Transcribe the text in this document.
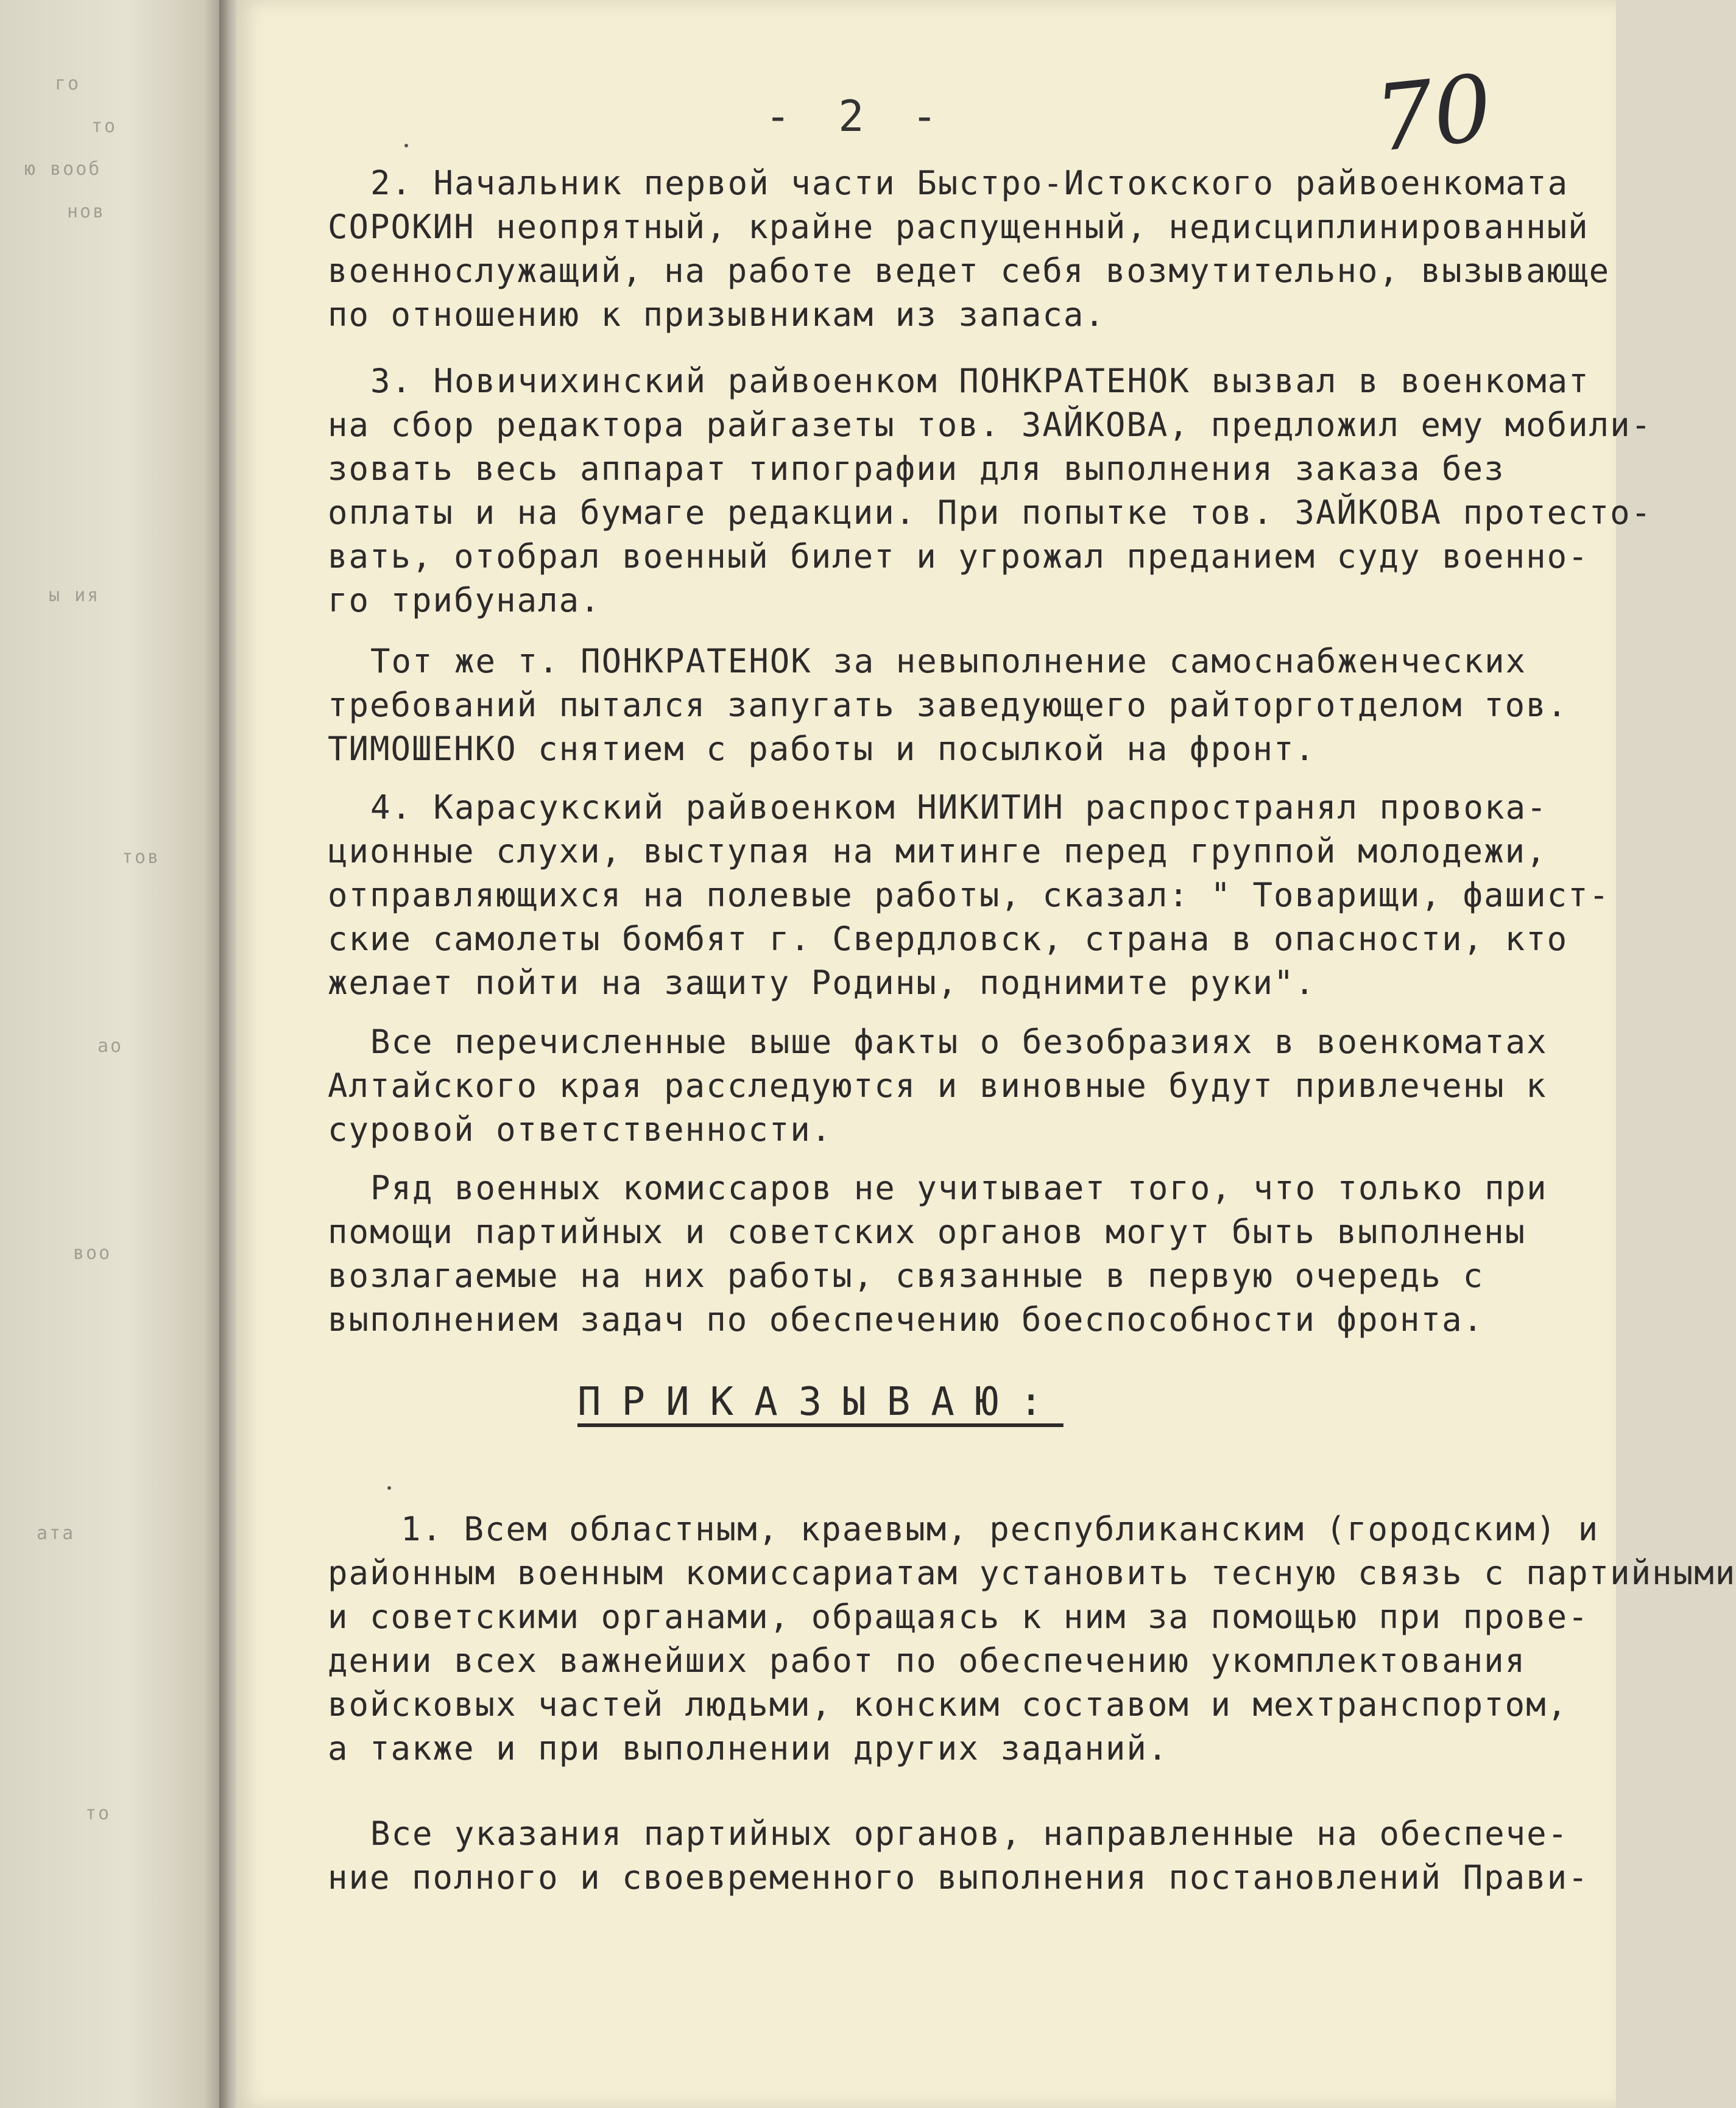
го
то
ю вооб
нов
ы ия
тов
ао
воо
ата
то
- 2 -	70
2. Начальник первой части Быстро-Истокского райвоенкомата
СОРОКИН неопрятный, крайне распущенный, недисциплинированный
военнослужащий, на работе ведет себя возмутительно, вызывающе
по отношению к призывникам из запаса.
3. Новичихинский райвоенком ПОНКРАТЕНОК вызвал в военкомат
на сбор редактора райгазеты тов. ЗАЙКОВА, предложил ему мобили-
зовать весь аппарат типографии для выполнения заказа без
оплаты и на бумаге редакции. При попытке тов. ЗАЙКОВА протесто-
вать, отобрал военный билет и угрожал преданием суду военно-
го трибунала.
Тот же т. ПОНКРАТЕНОК за невыполнение самоснабженческих
требований пытался запугать заведующего райторготделом тов.
ТИМОШЕНКО снятием с работы и посылкой на фронт.
4. Карасукский райвоенком НИКИТИН распространял провока-
ционные слухи, выступая на митинге перед группой молодежи,
отправляющихся на полевые работы, сказал: " Товарищи, фашист-
ские самолеты бомбят г. Свердловск, страна в опасности, кто
желает пойти на защиту Родины, поднимите руки".
Все перечисленные выше факты о безобразиях в военкоматах
Алтайского края расследуются и виновные будут привлечены к
суровой ответственности.
Ряд военных комиссаров не учитывает того, что только при
помощи партийных и советских органов могут быть выполнены
возлагаемые на них работы, связанные в первую очередь с
выполнением задач по обеспечению боеспособности фронта.
ПРИКАЗЫВАЮ:
1. Всем областным, краевым, республиканским (городским) и
районным военным комиссариатам установить тесную связь с партийными
и советскими органами, обращаясь к ним за помощью при прове-
дении всех важнейших работ по обеспечению укомплектования
войсковых частей людьми, конским составом и мехтранспортом,
а также и при выполнении других заданий.
Все указания партийных органов, направленные на обеспече-
ние полного и своевременного выполнения постановлений Прави-
